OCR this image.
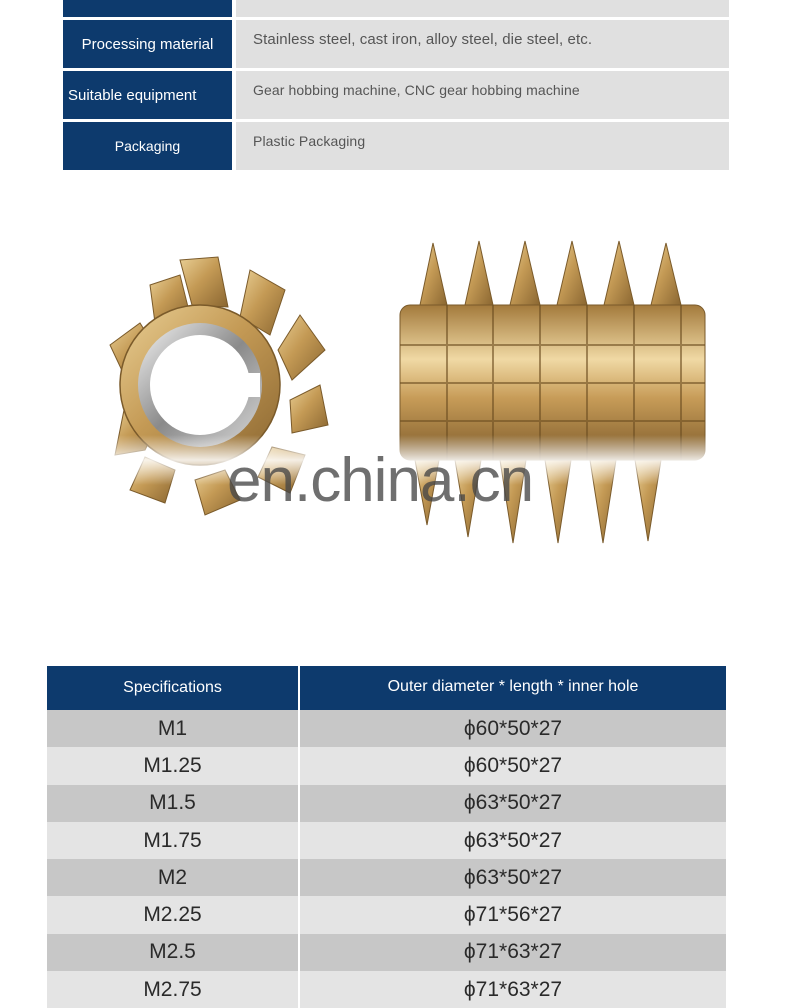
Processing material	Stainless steel, cast iron, alloy steel, die steel, etc.
Suitable equipment	Gear hobbing machine, CNC gear hobbing machine
Packaging	Plastic Packaging
en.china.cn
Specifications	Outer diameter * length * inner hole
M1	ϕ60*50*27
M1.25	ϕ60*50*27
M1.5	ϕ63*50*27
M1.75	ϕ63*50*27
M2	ϕ63*50*27
M2.25	ϕ71*56*27
M2.5	ϕ71*63*27
M2.75	ϕ71*63*27
